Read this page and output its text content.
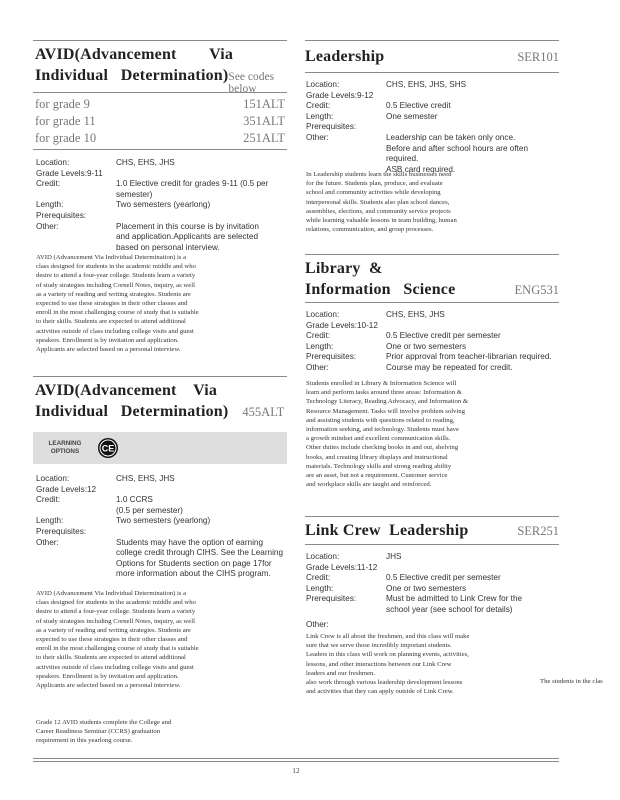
AVID(Advancement    Via
Individual   Determination) See codes below
for grade 9	151ALT
for grade 11	351ALT
for grade 10	251ALT
Location:	CHS, EHS, JHS
Grade Levels:9-11
Credit:	1.0 Elective credit for grades 9-11 (0.5 per semester)
Length:	Two semesters (yearlong)
Prerequisites:
Other:	Placement in this course is by invitation
and application.Applicants are selected
based on personal interview.
AVID (Advancement Via Individual Determination) is a
class designed for students in the academic middle and who
desire to attend a four-year college. Students learn a variety
of study strategies including Cornell Notes, inquiry, as well
as a variety of reading and writing strategies. Students are
expected to use these strategies in their other classes and
enroll in the most challenging course of study that is suitable
to their skills. Students are expected to attend additional
activities outside of class including college visits and guest
speakers. Enrollment is by invitation and application.
Applicants are selected based on a personal interview.
AVID(Advancement    Via
Individual   Determination) 455ALT
LEARNING OPTIONS	CE
Location:	CHS, EHS, JHS
Grade Levels:12
Credit:	1.0 CCRS
(0.5 per semester)
Length:	Two semesters (yearlong)
Prerequisites:
Other:	Students may have the option of earning
college credit through CIHS. See the Learning
Options for Students section on page 17for
more information about the CIHS program.
AVID (Advancement Via Individual Determination) is a
class designed for students in the academic middle and who
desire to attend a four-year college. Students learn a variety
of study strategies including Cornell Notes, inquiry, as well
as a variety of reading and writing strategies. Students are
expected to use these strategies in their other classes and
enroll in the most challenging course of study that is suitable
to their skills. Students are expected to attend additional
activities outside of class including college visits and guest
speakers. Enrollment is by invitation and application.
Applicants are selected based on a personal interview.
Grade 12 AVID students complete the College and
Career Readiness Seminar (CCRS) graduation
requirement in this yearlong course.
Leadership	SER101
Location:	CHS, EHS, JHS, SHS
Grade Levels:9-12
Credit:	0.5 Elective credit
Length:	One semester
Prerequisites:
Other:	Leadership can be taken only once.
Before and after school hours are often required.
ASB card required.
In Leadership students learn the skills businesses need
for the future. Students plan, produce, and evaluate
school and community activities while developing
interpersonal skills. Students also plan school dances,
assemblies, elections, and community service projects
while learning valuable lessons in team building, human
relations, communication, and group processes.
Library  &
Information   Science	ENG531
Location:	CHS, EHS, JHS
Grade Levels:10-12
Credit:	0.5 Elective credit per semester
Length:	One or two semesters
Prerequisites:	Prior approval from teacher-librarian required.
Other:	Course may be repeated for credit.
Students enrolled in Library & Information Science will
learn and perform tasks around three areas: Information &
Technology Literacy, Reading Advocacy, and Information &
Resource Management. Tasks will involve problem solving
and assisting students with questions related to reading,
information seeking, and technology. Students must have
a growth mindset and excellent communication skills.
Other duties include checking books in and out, shelving
books, and creating library displays and instructional
materials. Technology skills and strong reading ability
are an asset, but not a requirement. Customer service
and workplace skills are taught and reinforced.
Link Crew  Leadership	SER251
Location:	JHS
Grade Levels:11-12
Credit:	0.5 Elective credit per semester
Length:	One or two semesters
Prerequisites:	Must be admitted to Link Crew for the
school year (see school for details)
Other:
Link Crew is all about the freshmen, and this class will make
sure that we serve those incredibly important students.
Leaders in this class will work on planning events, activities,
lessons, and other interactions between our Link Crew
leaders and our freshmen.
also work through various leadership development lessons
and activities that they can apply outside of Link Crew.
The students in the clas
12
